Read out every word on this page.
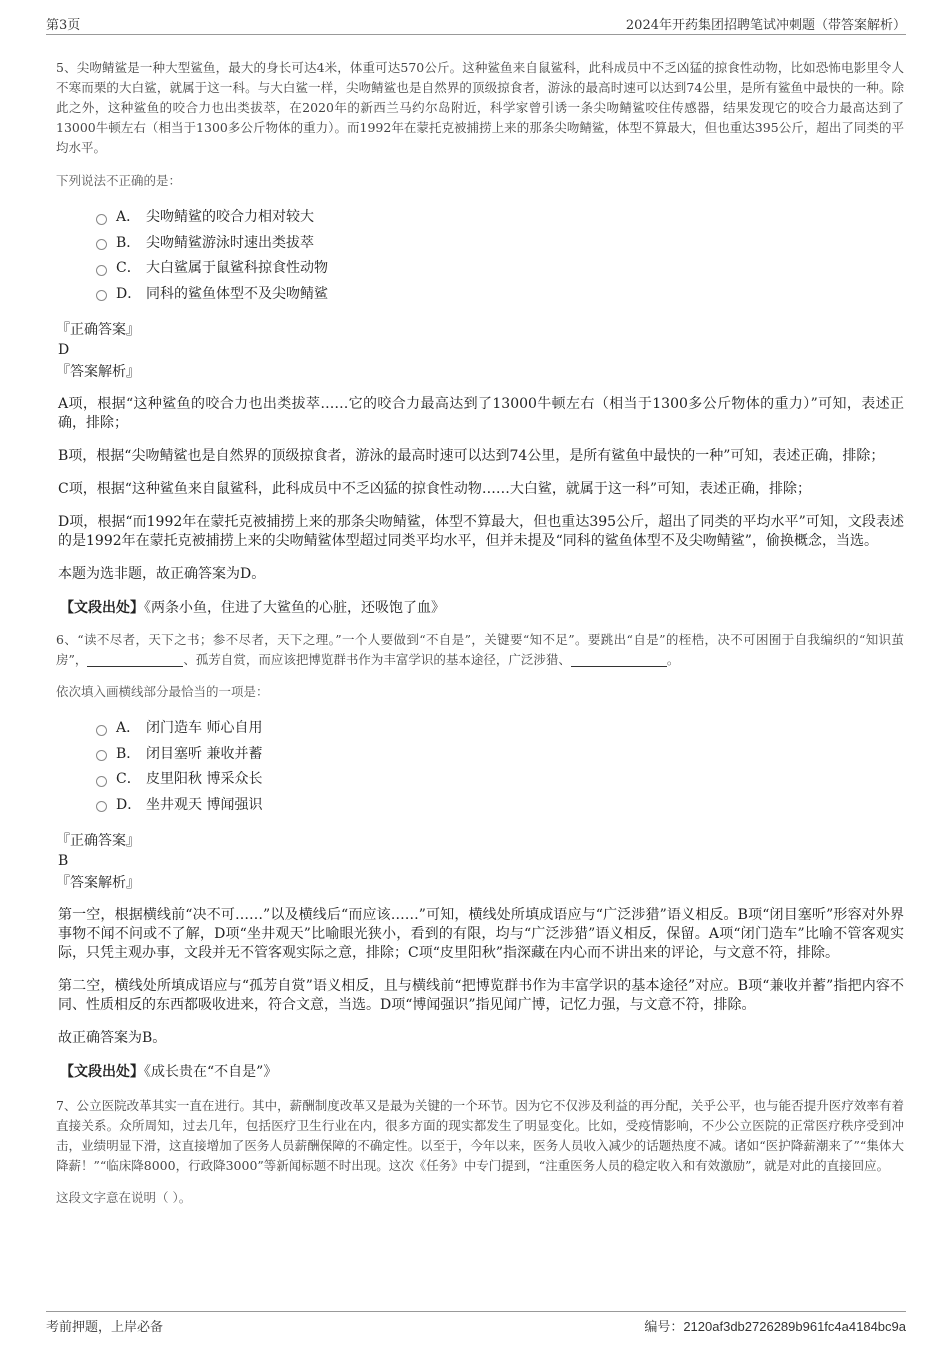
第3页	2024年开药集团招聘笔试冲刺题（带答案解析）

5、尖吻鲭鲨是一种大型鲨鱼，最大的身长可达4米，体重可达570公斤。这种鲨鱼来自鼠鲨科，此科成员中不乏凶猛的掠食性动物，比如恐怖电影里令人不寒而栗的大白鲨，就属于这一科。与大白鲨一样，尖吻鲭鲨也是自然界的顶级掠食者，游泳的最高时速可以达到74公里，是所有鲨鱼中最快的一种。除此之外，这种鲨鱼的咬合力也出类拔萃，在2020年的新西兰马约尔岛附近，科学家曾引诱一条尖吻鲭鲨咬住传感器，结果发现它的咬合力最高达到了13000牛顿左右（相当于1300多公斤物体的重力）。而1992年在蒙托克被捕捞上来的那条尖吻鲭鲨，体型不算最大，但也重达395公斤，超出了同类的平均水平。

下列说法不正确的是：

A． 尖吻鲭鲨的咬合力相对较大
B． 尖吻鲭鲨游泳时速出类拔萃
C． 大白鲨属于鼠鲨科掠食性动物
D． 同科的鲨鱼体型不及尖吻鲭鲨

『正确答案』

D

『答案解析』

A项，根据“这种鲨鱼的咬合力也出类拔萃……它的咬合力最高达到了13000牛顿左右（相当于1300多公斤物体的重力）”可知，表述正确，排除；

B项，根据“尖吻鲭鲨也是自然界的顶级掠食者，游泳的最高时速可以达到74公里，是所有鲨鱼中最快的一种”可知，表述正确，排除；

C项，根据“这种鲨鱼来自鼠鲨科，此科成员中不乏凶猛的掠食性动物……大白鲨，就属于这一科”可知，表述正确，排除；

D项，根据“而1992年在蒙托克被捕捞上来的那条尖吻鲭鲨，体型不算最大，但也重达395公斤，超出了同类的平均水平”可知，文段表述的是1992年在蒙托克被捕捞上来的尖吻鲭鲨体型超过同类平均水平，但并未提及“同科的鲨鱼体型不及尖吻鲭鲨”，偷换概念，当选。

本题为选非题，故正确答案为D。

【文段出处】《两条小鱼，住进了大鲨鱼的心脏，还吸饱了血》

6、“读不尽者，天下之书；参不尽者，天下之理。”一个人要做到“不自是”，关键要“知不足”。要跳出“自是”的桎梏，决不可困囿于自我编织的“知识茧房”，	、孤芳自赏，而应该把博览群书作为丰富学识的基本途径，广泛涉猎、	。

依次填入画横线部分最恰当的一项是：

A． 闭门造车 师心自用
B． 闭目塞听 兼收并蓄
C． 皮里阳秋 博采众长
D． 坐井观天 博闻强识

『正确答案』

B

『答案解析』

第一空，根据横线前“决不可……”以及横线后“而应该……”可知，横线处所填成语应与“广泛涉猎”语义相反。B项“闭目塞听”形容对外界事物不闻不问或不了解，D项“坐井观天”比喻眼光狭小，看到的有限，均与“广泛涉猎”语义相反，保留。A项“闭门造车”比喻不管客观实际，只凭主观办事，文段并无不管客观实际之意，排除；C项“皮里阳秋”指深藏在内心而不讲出来的评论，与文意不符，排除。

第二空，横线处所填成语应与“孤芳自赏”语义相反，且与横线前“把博览群书作为丰富学识的基本途径”对应。B项“兼收并蓄”指把内容不同、性质相反的东西都吸收进来，符合文意，当选。D项“博闻强识”指见闻广博，记忆力强，与文意不符，排除。

故正确答案为B。

【文段出处】《成长贵在“不自是”》

7、公立医院改革其实一直在进行。其中，薪酬制度改革又是最为关键的一个环节。因为它不仅涉及利益的再分配，关乎公平，也与能否提升医疗效率有着直接关系。众所周知，过去几年，包括医疗卫生行业在内，很多方面的现实都发生了明显变化。比如，受疫情影响，不少公立医院的正常医疗秩序受到冲击，业绩明显下滑，这直接增加了医务人员薪酬保障的不确定性。以至于，今年以来，医务人员收入减少的话题热度不减。诸如“医护降薪潮来了”“集体大降薪！”“临床降8000，行政降3000”等新闻标题不时出现。这次《任务》中专门提到，“注重医务人员的稳定收入和有效激励”，就是对此的直接回应。

这段文字意在说明（ ）。

考前押题，上岸必备	编号：2120af3db2726289b961fc4a4184bc9a
